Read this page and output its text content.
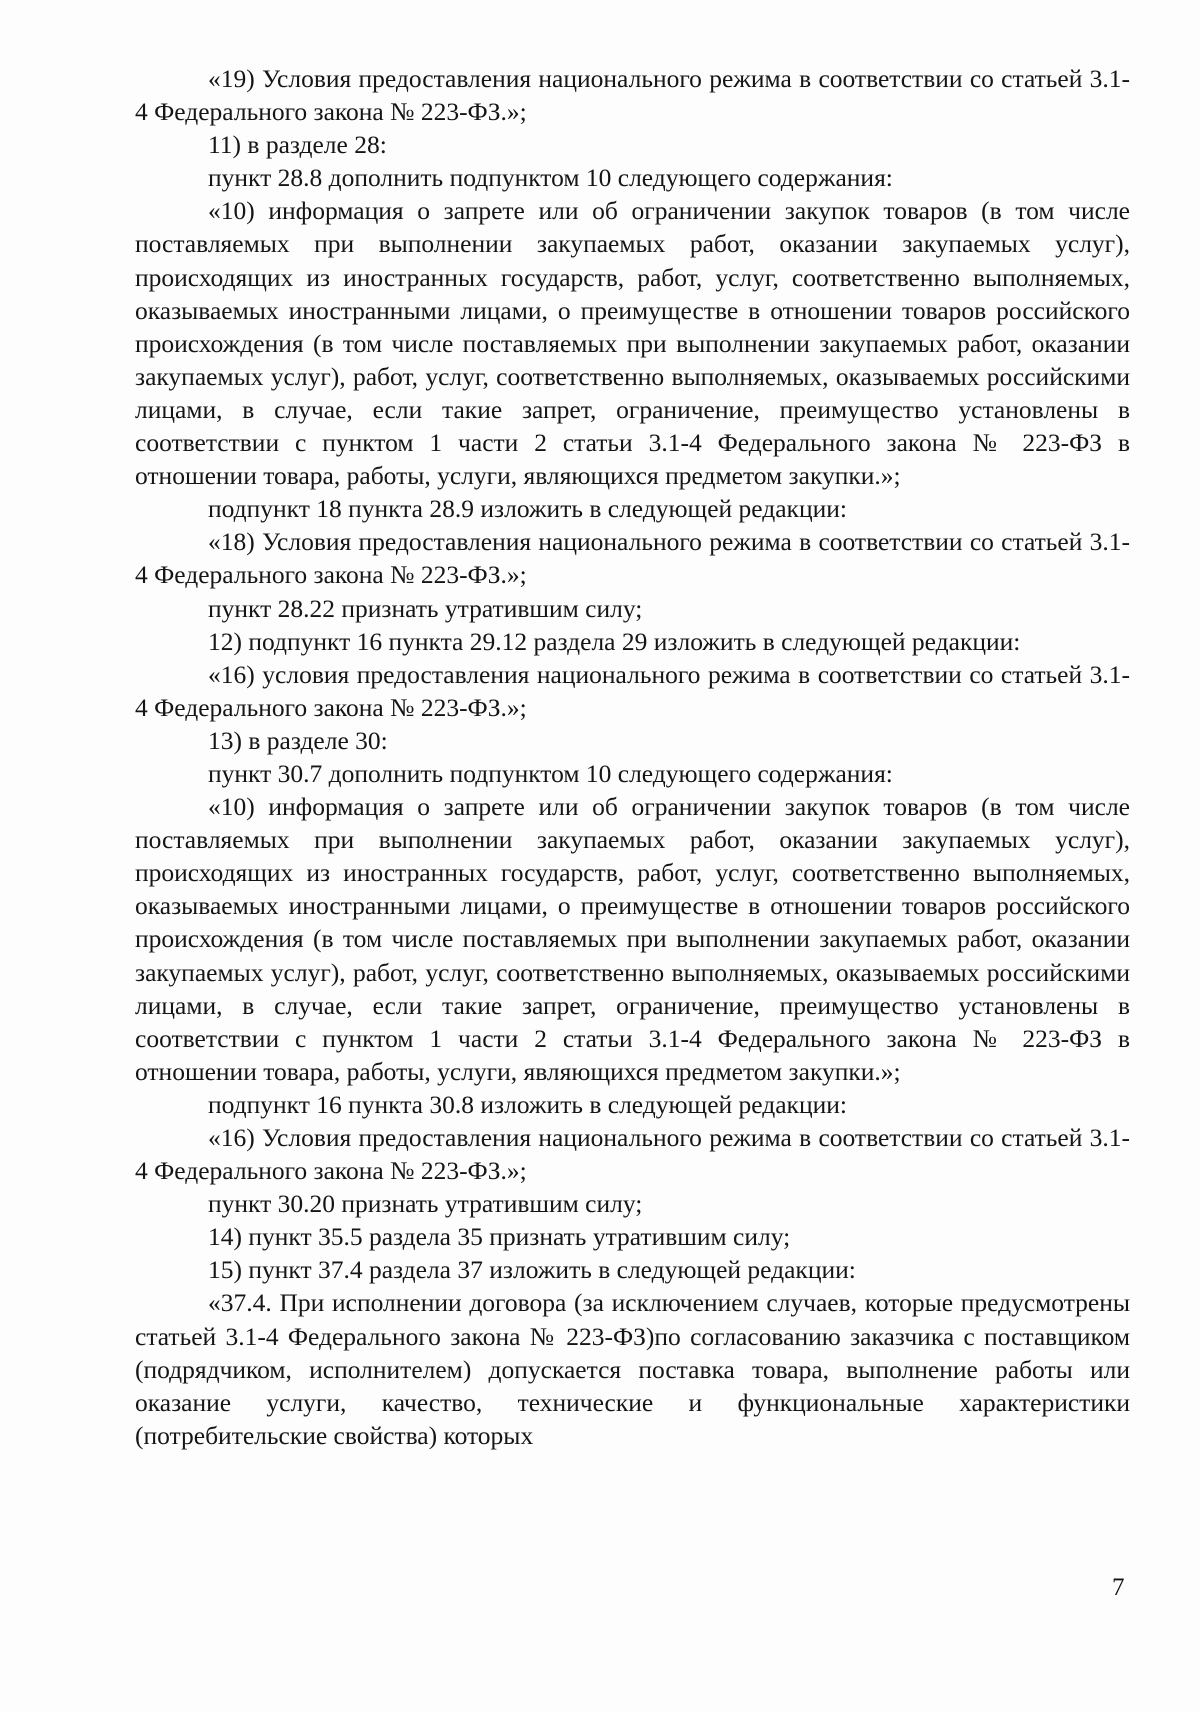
«19) Условия предоставления национального режима в соответствии со статьей 3.1-4 Федерального закона № 223-ФЗ.»;

11) в разделе 28:

пункт 28.8 дополнить подпунктом 10 следующего содержания:

«10) информация о запрете или об ограничении закупок товаров (в том числе поставляемых при выполнении закупаемых работ, оказании закупаемых услуг), происходящих из иностранных государств, работ, услуг, соответственно выполняемых, оказываемых иностранными лицами, о преимуществе в отношении товаров российского происхождения (в том числе поставляемых при выполнении закупаемых работ, оказании закупаемых услуг), работ, услуг, соответственно выполняемых, оказываемых российскими лицами, в случае, если такие запрет, ограничение, преимущество установлены в соответствии с пунктом 1 части 2 статьи 3.1-4 Федерального закона № 223-ФЗ в отношении товара, работы, услуги, являющихся предметом закупки.»;

подпункт 18 пункта 28.9 изложить в следующей редакции:

«18) Условия предоставления национального режима в соответствии со статьей 3.1-4 Федерального закона № 223-ФЗ.»;

пункт 28.22 признать утратившим силу;

12) подпункт 16 пункта 29.12 раздела 29 изложить в следующей редакции:

«16) условия предоставления национального режима в соответствии со статьей 3.1-4 Федерального закона № 223-ФЗ.»;

13) в разделе 30:

пункт 30.7 дополнить подпунктом 10 следующего содержания:

«10) информация о запрете или об ограничении закупок товаров (в том числе поставляемых при выполнении закупаемых работ, оказании закупаемых услуг), происходящих из иностранных государств, работ, услуг, соответственно выполняемых, оказываемых иностранными лицами, о преимуществе в отношении товаров российского происхождения (в том числе поставляемых при выполнении закупаемых работ, оказании закупаемых услуг), работ, услуг, соответственно выполняемых, оказываемых российскими лицами, в случае, если такие запрет, ограничение, преимущество установлены в соответствии с пунктом 1 части 2 статьи 3.1-4 Федерального закона № 223-ФЗ в отношении товара, работы, услуги, являющихся предметом закупки.»;

подпункт 16 пункта 30.8 изложить в следующей редакции:

«16) Условия предоставления национального режима в соответствии со статьей 3.1-4 Федерального закона № 223-ФЗ.»;

пункт 30.20 признать утратившим силу;

14) пункт 35.5 раздела 35 признать утратившим силу;

15) пункт 37.4 раздела 37 изложить в следующей редакции:

«37.4. При исполнении договора (за исключением случаев, которые предусмотрены статьей 3.1-4 Федерального закона № 223-ФЗ)по согласованию заказчика с поставщиком (подрядчиком, исполнителем) допускается поставка товара, выполнение работы или оказание услуги, качество, технические и функциональные характеристики (потребительские свойства) которых

7
